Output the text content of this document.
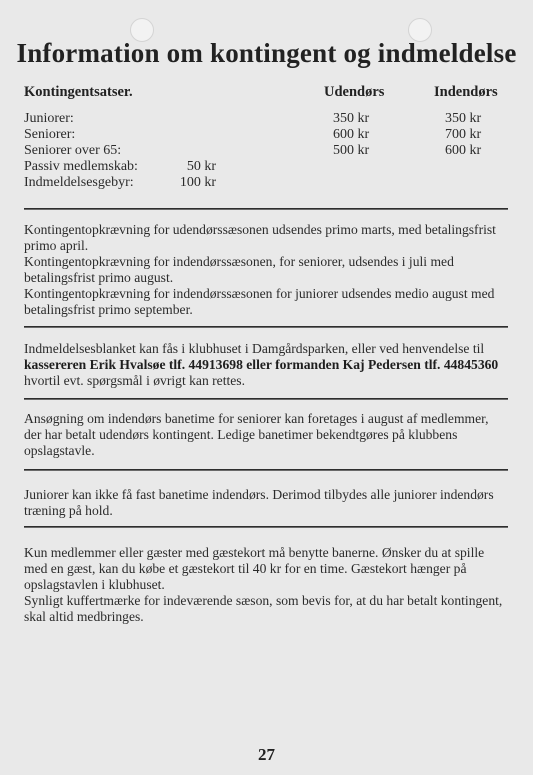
Information om kontingent og indmeldelse
Kontingentsatser.	Udendørs	Indendørs
Juniorer:	350 kr	350 kr
Seniorer:	600 kr	700 kr
Seniorer over 65:	500 kr	600 kr
Passiv medlemskab:	50 kr
Indmeldelsesgebyr:	100 kr

Kontingentopkrævning for udendørssæsonen udsendes primo marts, med betalingsfrist primo april.

Kontingentopkrævning for indendørssæsonen, for seniorer, udsendes i juli med betalingsfrist primo august.

Kontingentopkrævning for indendørssæsonen for juniorer udsendes medio august med betalingsfrist primo september.

Indmeldelsesblanket kan fås i klubhuset i Damgårdsparken, eller ved henvendelse til kassereren Erik Hvalsøe tlf. 44913698 eller formanden Kaj Pedersen tlf. 44845360 hvortil evt. spørgsmål i øvrigt kan rettes.

Ansøgning om indendørs banetime for seniorer kan foretages i august af medlemmer, der har betalt udendørs kontingent. Ledige banetimer bekendtgøres på klubbens opslagstavle.

Juniorer kan ikke få fast banetime indendørs. Derimod tilbydes alle juniorer indendørs træning på hold.

Kun medlemmer eller gæster med gæstekort må benytte banerne. Ønsker du at spille med en gæst, kan du købe et gæstekort til 40 kr for en time. Gæstekort hænger på opslagstavlen i klubhuset.

Synligt kuffertmærke for indeværende sæson, som bevis for, at du har betalt kontingent, skal altid medbringes.

27
